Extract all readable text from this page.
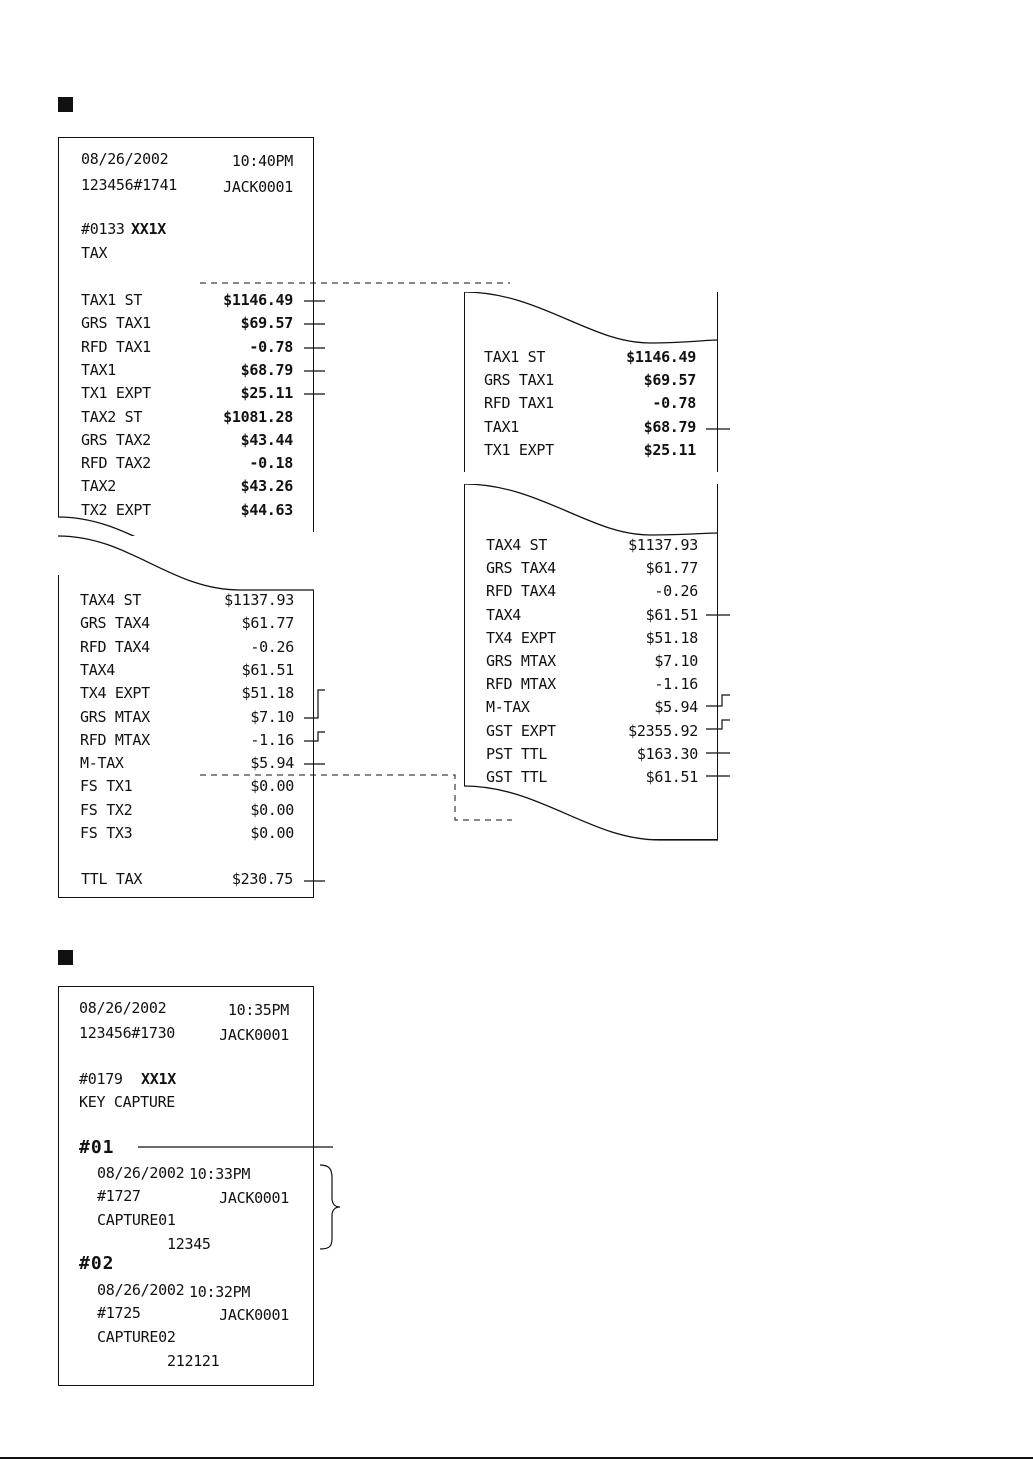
08/26/2002	10:40PM
123456#1741	JACK0001
#0133 XX1X
TAX
TAX1 ST	$1146.49
GRS TAX1	$69.57
RFD TAX1	-0.78
TAX1	$68.79
TX1 EXPT	$25.11
TAX2 ST	$1081.28
GRS TAX2	$43.44
RFD TAX2	-0.18
TAX2	$43.26
TX2 EXPT	$44.63
TTL TAX	$230.75
08/26/2002	10:35PM
123456#1730	JACK0001
#0179 XX1X
KEY CAPTURE
#01
08/26/2002 10:33PM
#1727	JACK0001
CAPTURE01
12345
#02
08/26/2002 10:32PM
#1725	JACK0001
CAPTURE02
212121
TAX1 ST	$1146.49
GRS TAX1	$69.57
RFD TAX1	-0.78
TAX1	$68.79
TX1 EXPT	$25.11
TAX4 ST	$1137.93
GRS TAX4	$61.77
RFD TAX4	-0.26
TAX4	$61.51
TX4 EXPT	$51.18
GRS MTAX	$7.10
RFD MTAX	-1.16
M-TAX	$5.94
GST EXPT	$2355.92
PST TTL	$163.30
GST TTL	$61.51
TAX4 ST	$1137.93
GRS TAX4	$61.77
RFD TAX4	-0.26
TAX4	$61.51
TX4 EXPT	$51.18
GRS MTAX	$7.10
RFD MTAX	-1.16
M-TAX	$5.94
FS TX1	$0.00
FS TX2	$0.00
FS TX3	$0.00
